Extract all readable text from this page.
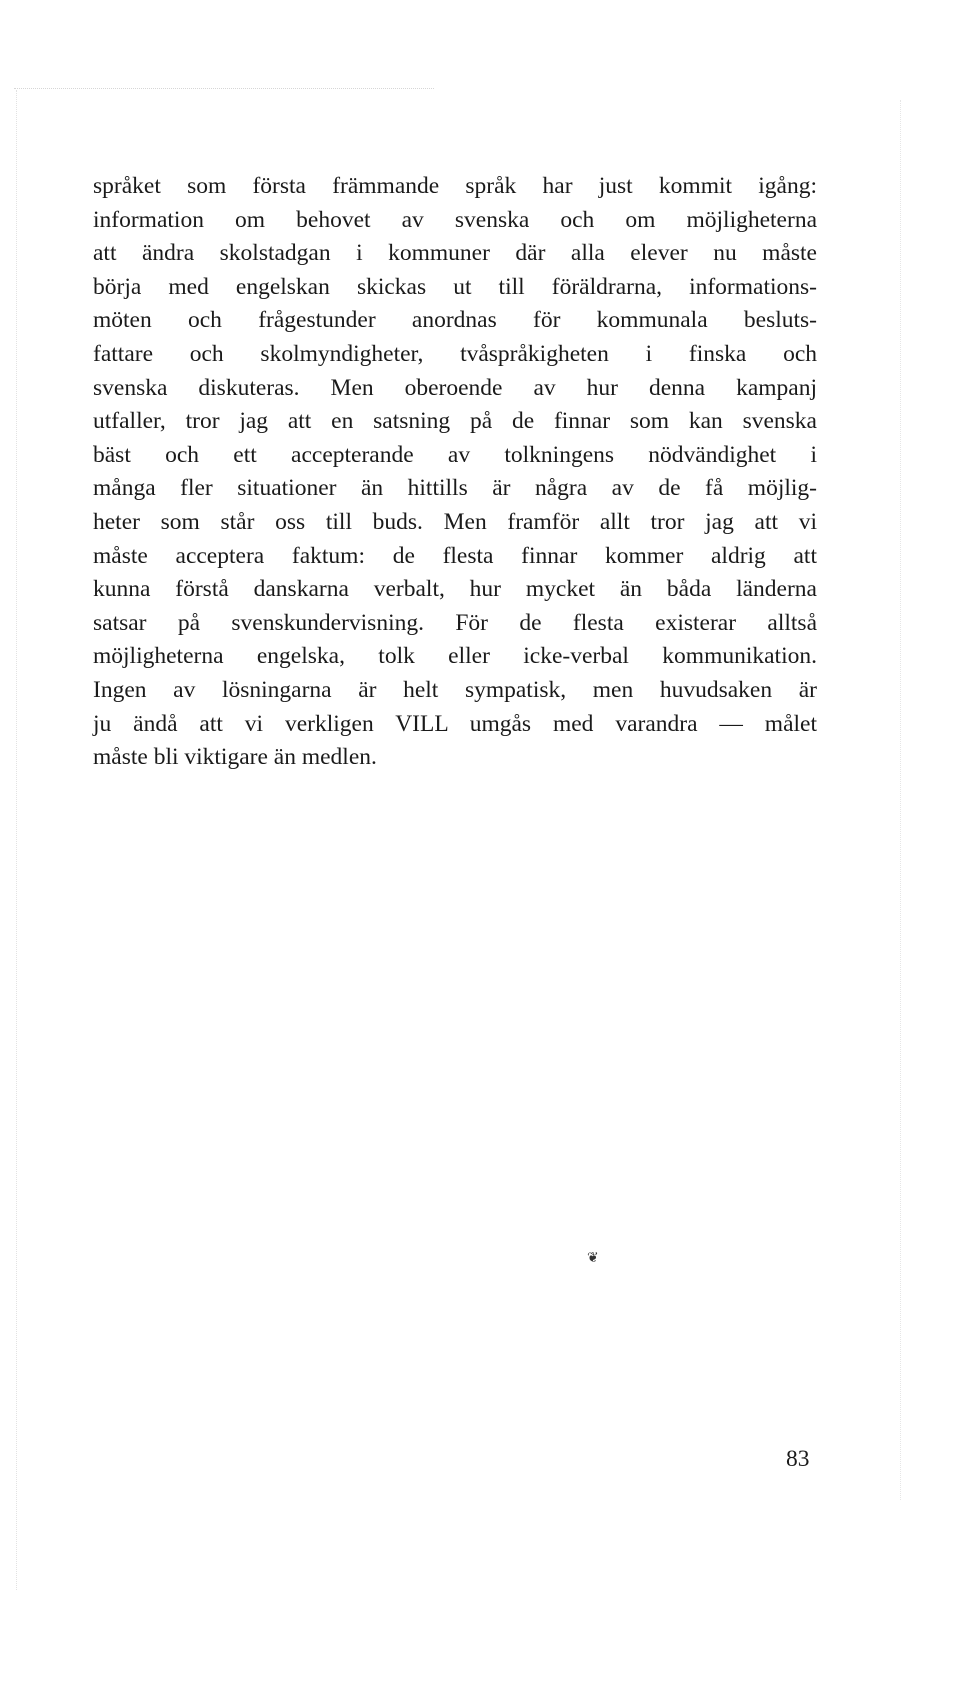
språket som första främmande språk har just kommit igång:
information om behovet av svenska och om möjligheterna
att ändra skolstadgan i kommuner där alla elever nu måste
börja med engelskan skickas ut till föräldrarna, informations-
möten och frågestunder anordnas för kommunala besluts-
fattare och skolmyndigheter, tvåspråkigheten i finska och
svenska diskuteras. Men oberoende av hur denna kampanj
utfaller, tror jag att en satsning på de finnar som kan svenska
bäst och ett accepterande av tolkningens nödvändighet i
många fler situationer än hittills är några av de få möjlig-
heter som står oss till buds. Men framför allt tror jag att vi
måste acceptera faktum: de flesta finnar kommer aldrig att
kunna förstå danskarna verbalt, hur mycket än båda länderna
satsar på svenskundervisning. För de flesta existerar alltså
möjligheterna engelska, tolk eller icke-verbal kommunikation.
Ingen av lösningarna är helt sympatisk, men huvudsaken är
ju ändå att vi verkligen VILL umgås med varandra — målet
måste bli viktigare än medlen.
❦
83
